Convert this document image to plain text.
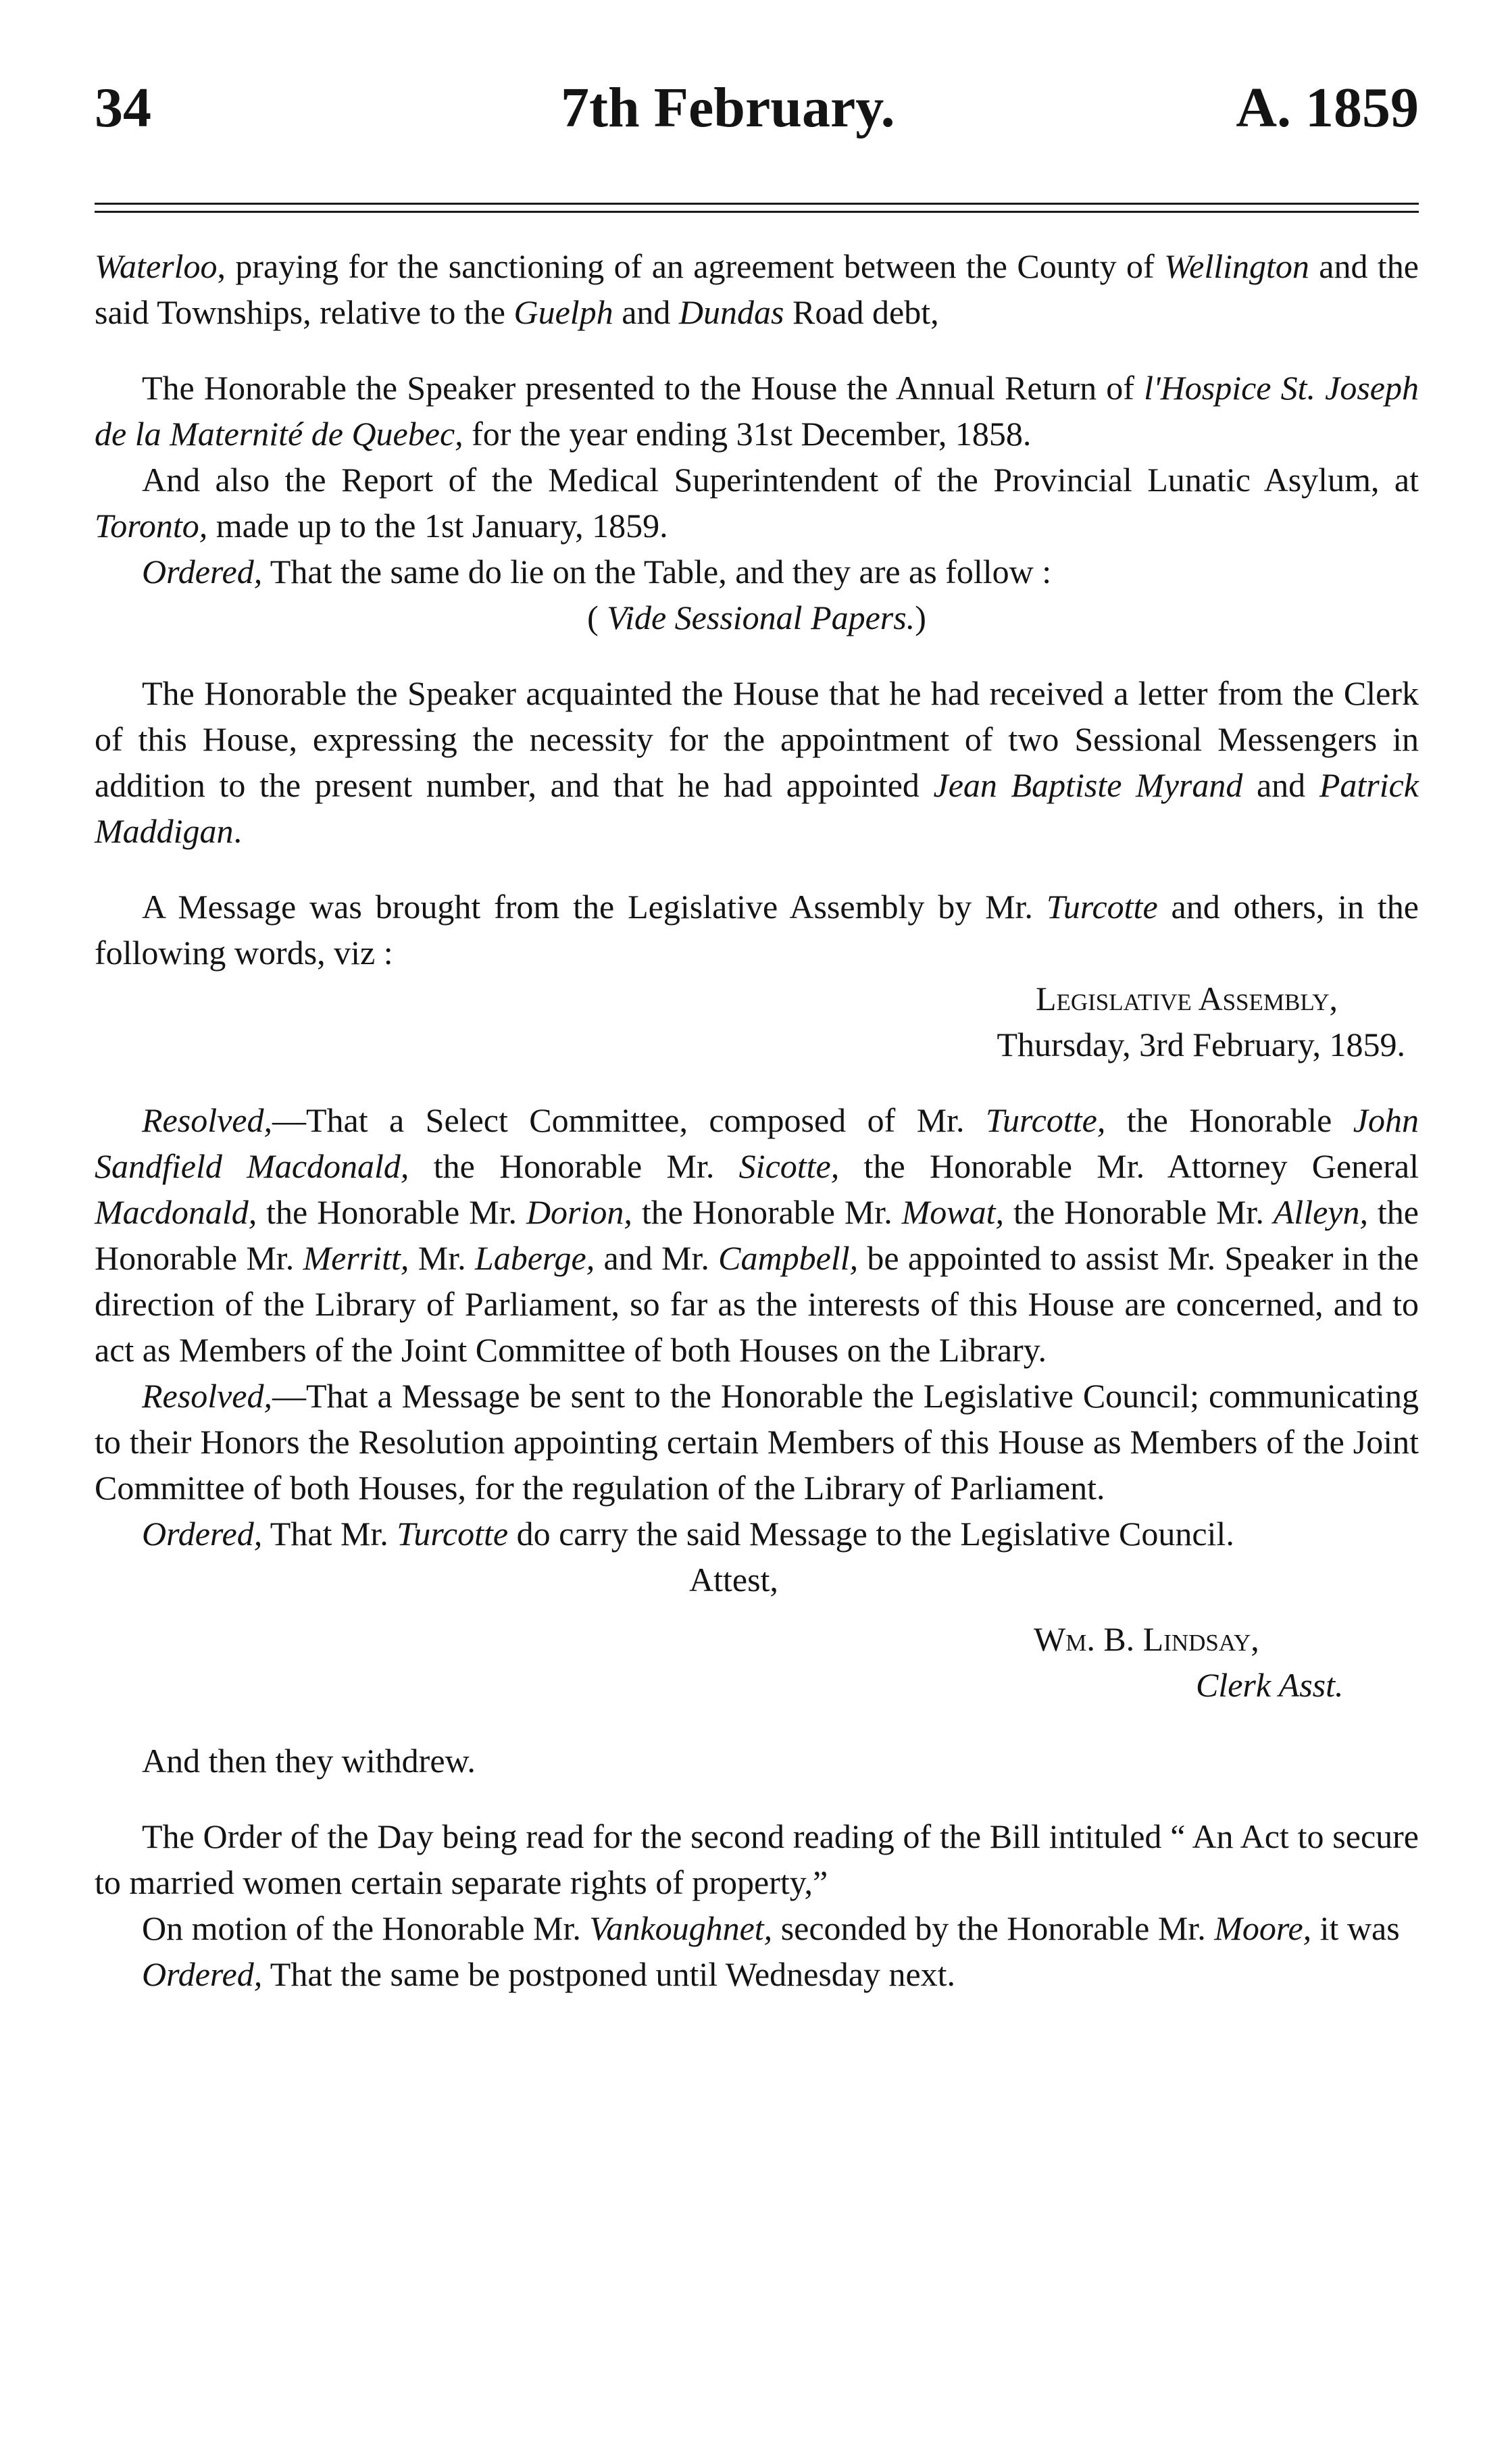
34	7th February.	A. 1859

Waterloo, praying for the sanctioning of an agreement between the County of Wellington and the said Townships, relative to the Guelph and Dundas Road debt,

The Honorable the Speaker presented to the House the Annual Return of l'Hospice St. Joseph de la Maternité de Quebec, for the year ending 31st December, 1858.

And also the Report of the Medical Superintendent of the Provincial Lunatic Asylum, at Toronto, made up to the 1st January, 1859.

Ordered, That the same do lie on the Table, and they are as follow :

( Vide Sessional Papers.)

The Honorable the Speaker acquainted the House that he had received a letter from the Clerk of this House, expressing the necessity for the appointment of two Sessional Messengers in addition to the present number, and that he had appointed Jean Baptiste Myrand and Patrick Maddigan.

A Message was brought from the Legislative Assembly by Mr. Turcotte and others, in the following words, viz :

Legislative Assembly,

Thursday, 3rd February, 1859.

Resolved,—That a Select Committee, composed of Mr. Turcotte, the Honorable John Sandfield Macdonald, the Honorable Mr. Sicotte, the Honorable Mr. Attorney General Macdonald, the Honorable Mr. Dorion, the Honorable Mr. Mowat, the Honorable Mr. Alleyn, the Honorable Mr. Merritt, Mr. Laberge, and Mr. Campbell, be appointed to assist Mr. Speaker in the direction of the Library of Parliament, so far as the interests of this House are concerned, and to act as Members of the Joint Committee of both Houses on the Library.

Resolved,—That a Message be sent to the Honorable the Legislative Council; communicating to their Honors the Resolution appointing certain Members of this House as Members of the Joint Committee of both Houses, for the regulation of the Library of Parliament.

Ordered, That Mr. Turcotte do carry the said Message to the Legislative Council.

Attest,

Wm. B. Lindsay,

Clerk Asst.

And then they withdrew.

The Order of the Day being read for the second reading of the Bill intituled “ An Act to secure to married women certain separate rights of property,”

On motion of the Honorable Mr. Vankoughnet, seconded by the Honorable Mr. Moore, it was

Ordered, That the same be postponed until Wednesday next.
